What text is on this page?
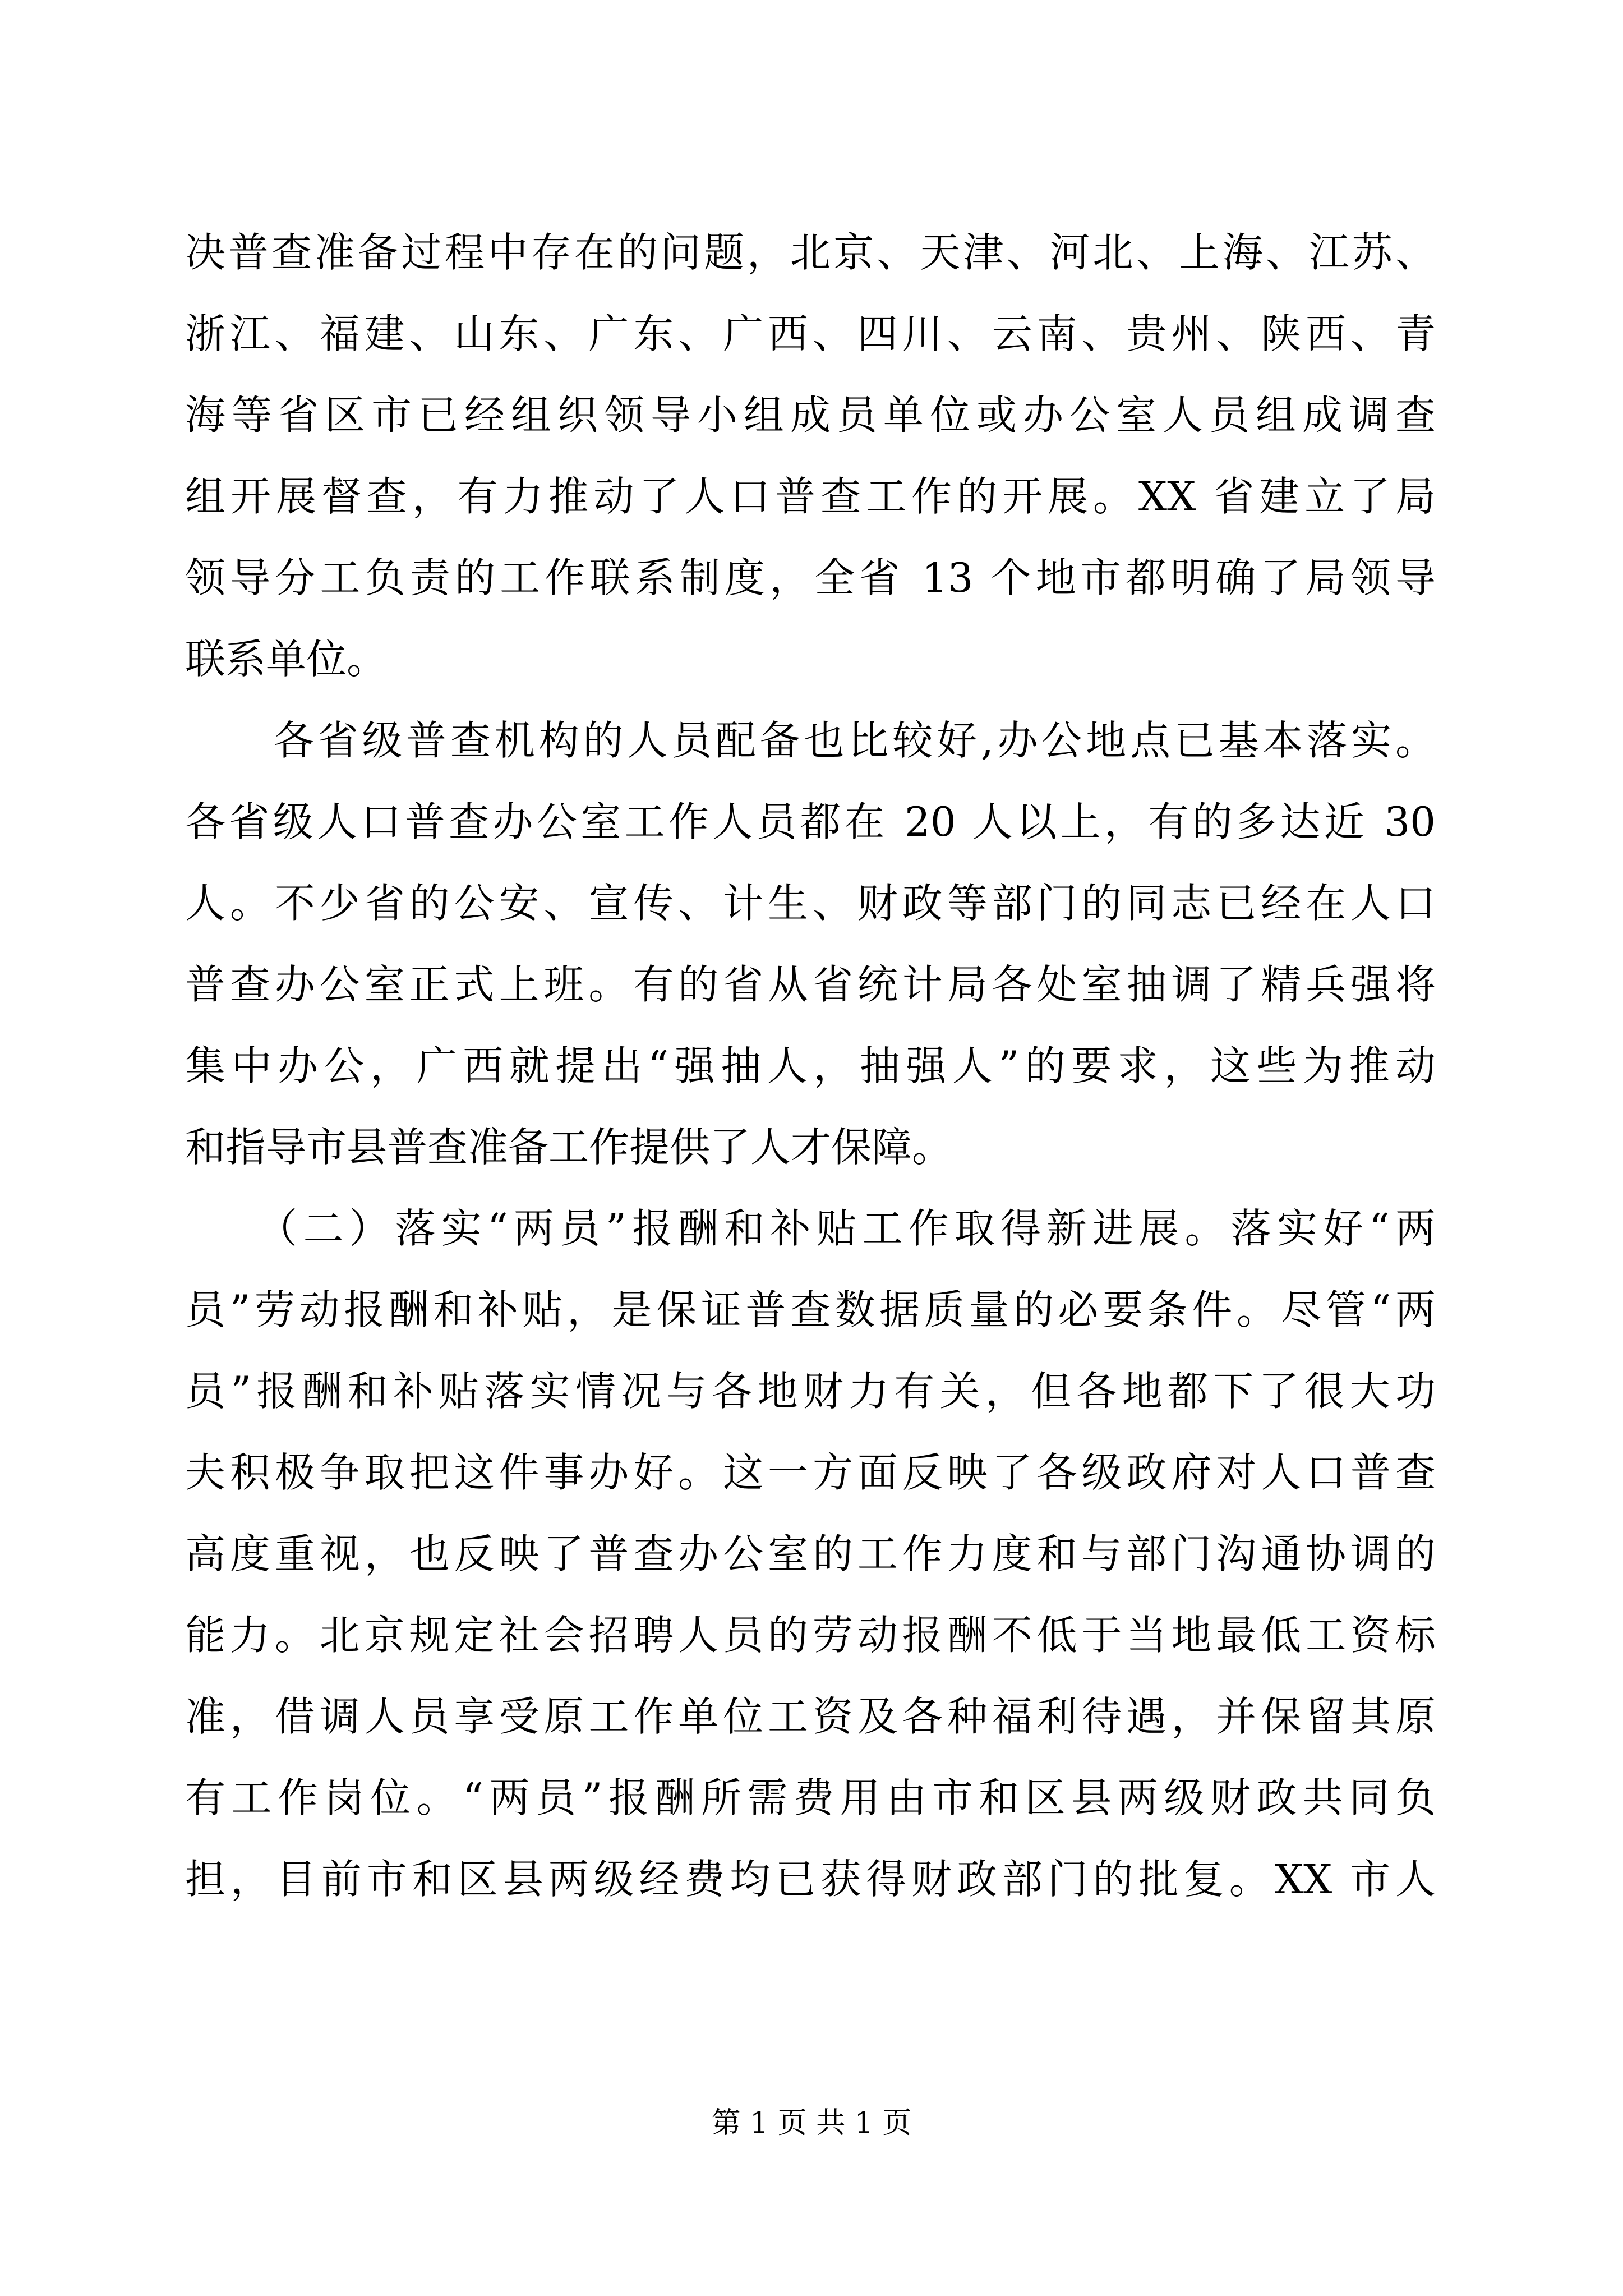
决普查准备过程中存在的问题，北京、天津、河北、上海、江苏、
浙江、福建、山东、广东、广西、四川、云南、贵州、陕西、青
海等省区市已经组织领导小组成员单位或办公室人员组成调查
组开展督查，有力推动了人口普查工作的开展。XX 省建立了局
领导分工负责的工作联系制度，全省 13 个地市都明确了局领导
联系单位。
　　各省级普查机构的人员配备也比较好,办公地点已基本落实。
各省级人口普查办公室工作人员都在 20 人以上，有的多达近 30
人。不少省的公安、宣传、计生、财政等部门的同志已经在人口
普查办公室正式上班。有的省从省统计局各处室抽调了精兵强将
集中办公，广西就提出“强抽人，抽强人”的要求，这些为推动
和指导市县普查准备工作提供了人才保障。
　　（二）落实“两员”报酬和补贴工作取得新进展。落实好“两
员”劳动报酬和补贴，是保证普查数据质量的必要条件。尽管“两
员”报酬和补贴落实情况与各地财力有关，但各地都下了很大功
夫积极争取把这件事办好。这一方面反映了各级政府对人口普查
高度重视，也反映了普查办公室的工作力度和与部门沟通协调的
能力。北京规定社会招聘人员的劳动报酬不低于当地最低工资标
准，借调人员享受原工作单位工资及各种福利待遇，并保留其原
有工作岗位。“两员”报酬所需费用由市和区县两级财政共同负
担，目前市和区县两级经费均已获得财政部门的批复。XX 市人
第 1 页 共 1 页
